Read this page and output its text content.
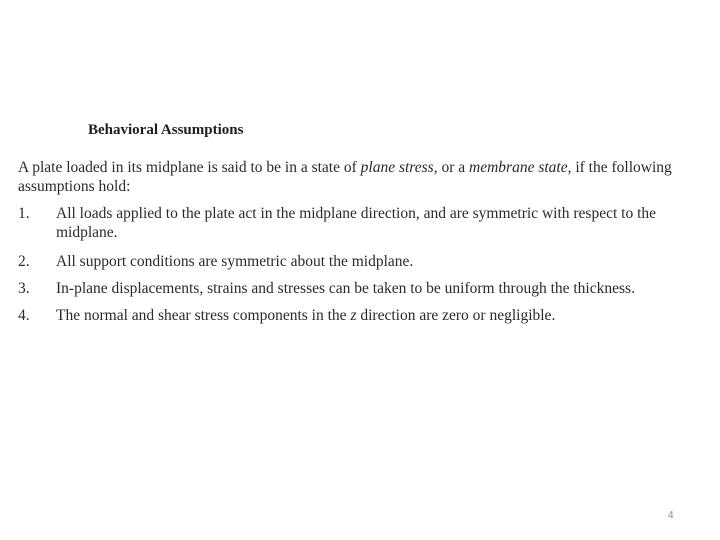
Behavioral Assumptions
A plate loaded in its midplane is said to be in a state of plane stress, or a membrane state, if the following assumptions hold:
1. All loads applied to the plate act in the midplane direction, and are symmetric with respect to the midplane.
2. All support conditions are symmetric about the midplane.
3. In-plane displacements, strains and stresses can be taken to be uniform through the thickness.
4. The normal and shear stress components in the z direction are zero or negligible.
4
